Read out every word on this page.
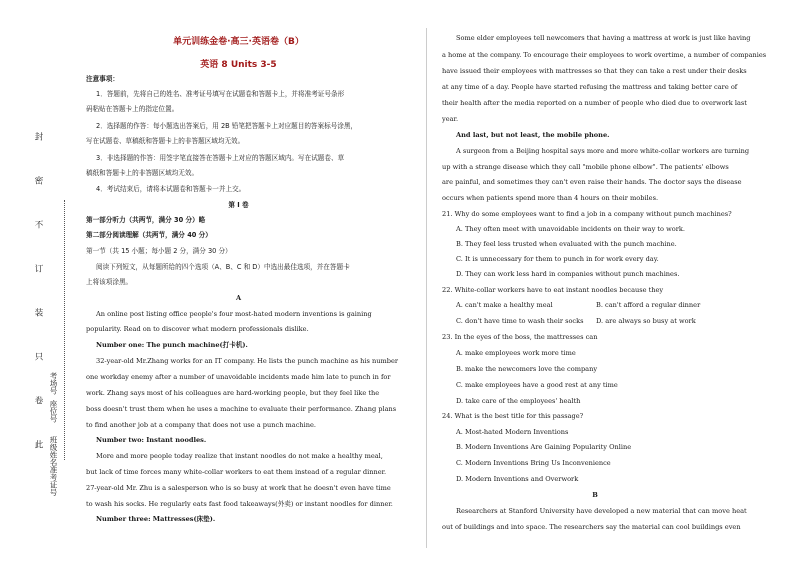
封
密
不
订
装
只
卷
此
考场号
座位号
班级姓名准考证号
单元训练金卷·高三·英语卷（B）
英语 8 Units 3-5
注意事项：
1．答题前，先将自己的姓名、准考证号填写在试题卷和答题卡上，并将准考证号条形
码粘贴在答题卡上的指定位置。
2．选择题的作答：每小题选出答案后，用 2B 铅笔把答题卡上对应题目的答案标号涂黑，
写在试题卷、草稿纸和答题卡上的非答题区域均无效。
3．非选择题的作答：用签字笔直接答在答题卡上对应的答题区域内。写在试题卷、草
稿纸和答题卡上的非答题区域均无效。
4．考试结束后，请将本试题卷和答题卡一并上交。
第 I 卷
第一部分听力（共两节，满分 30 分）略
第二部分阅读理解（共两节，满分 40 分）
第一节（共 15 小题；每小题 2 分，满分 30 分）
阅读下列短文，从每题所给的四个选项（A、B、C 和 D）中选出最佳选项，并在答题卡
上将该项涂黑。
A
An online post listing office people's four most-hated modern inventions is gaining
popularity. Read on to discover what modern professionals dislike.
Number one: The punch machine(打卡机).
32-year-old Mr.Zhang works for an IT company. He lists the punch machine as his number
one workday enemy after a number of unavoidable incidents made him late to punch in for
work. Zhang says most of his colleagues are hard-working people, but they feel like the
boss doesn't trust them when he uses a machine to evaluate their performance. Zhang plans
to find another job at a company that does not use a punch machine.
Number two: Instant noodles.
More and more people today realize that instant noodles do not make a healthy meal,
but lack of time forces many white-collar workers to eat them instead of a regular dinner.
27-year-old Mr. Zhu is a salesperson who is so busy at work that he doesn't even have time
to wash his socks. He regularly eats fast food takeaways(外卖) or instant noodles for dinner.
Number three: Mattresses(床垫).
Some elder employees tell newcomers that having a mattress at work is just like having
a home at the company. To encourage their employees to work overtime, a number of companies
have issued their employees with mattresses so that they can take a rest under their desks
at any time of a day. People have started refusing the mattress and taking better care of
their health after the media reported on a number of people who died due to overwork last
year.
And last, but not least, the mobile phone.
A surgeon from a Beijing hospital says more and more white-collar workers are turning
up with a strange disease which they call "mobile phone elbow". The patients' elbows
are painful, and sometimes they can't even raise their hands. The doctor says the disease
occurs when patients spend more than 4 hours on their mobiles.
21. Why do some employees want to find a job in a company without punch machines?
A. They often meet with unavoidable incidents on their way to work.
B. They feel less trusted when evaluated with the punch machine.
C. It is unnecessary for them to punch in for work every day.
D. They can work less hard in companies without punch machines.
22. White-collar workers have to eat instant noodles because they
A. can't make a healthy meal	B. can't afford a regular dinner
C. don't have time to wash their socks D. are always so busy at work
23. In the eyes of the boss, the mattresses can
A. make employees work more time
B. make the newcomers love the company
C. make employees have a good rest at any time
D. take care of the employees' health
24. What is the best title for this passage?
A. Most-hated Modern Inventions
B. Modern Inventions Are Gaining Popularity Online
C. Modern Inventions Bring Us Inconvenience
D. Modern Inventions and Overwork
B
Researchers at Stanford University have developed a new material that can move heat
out of buildings and into space. The researchers say the material can cool buildings even
